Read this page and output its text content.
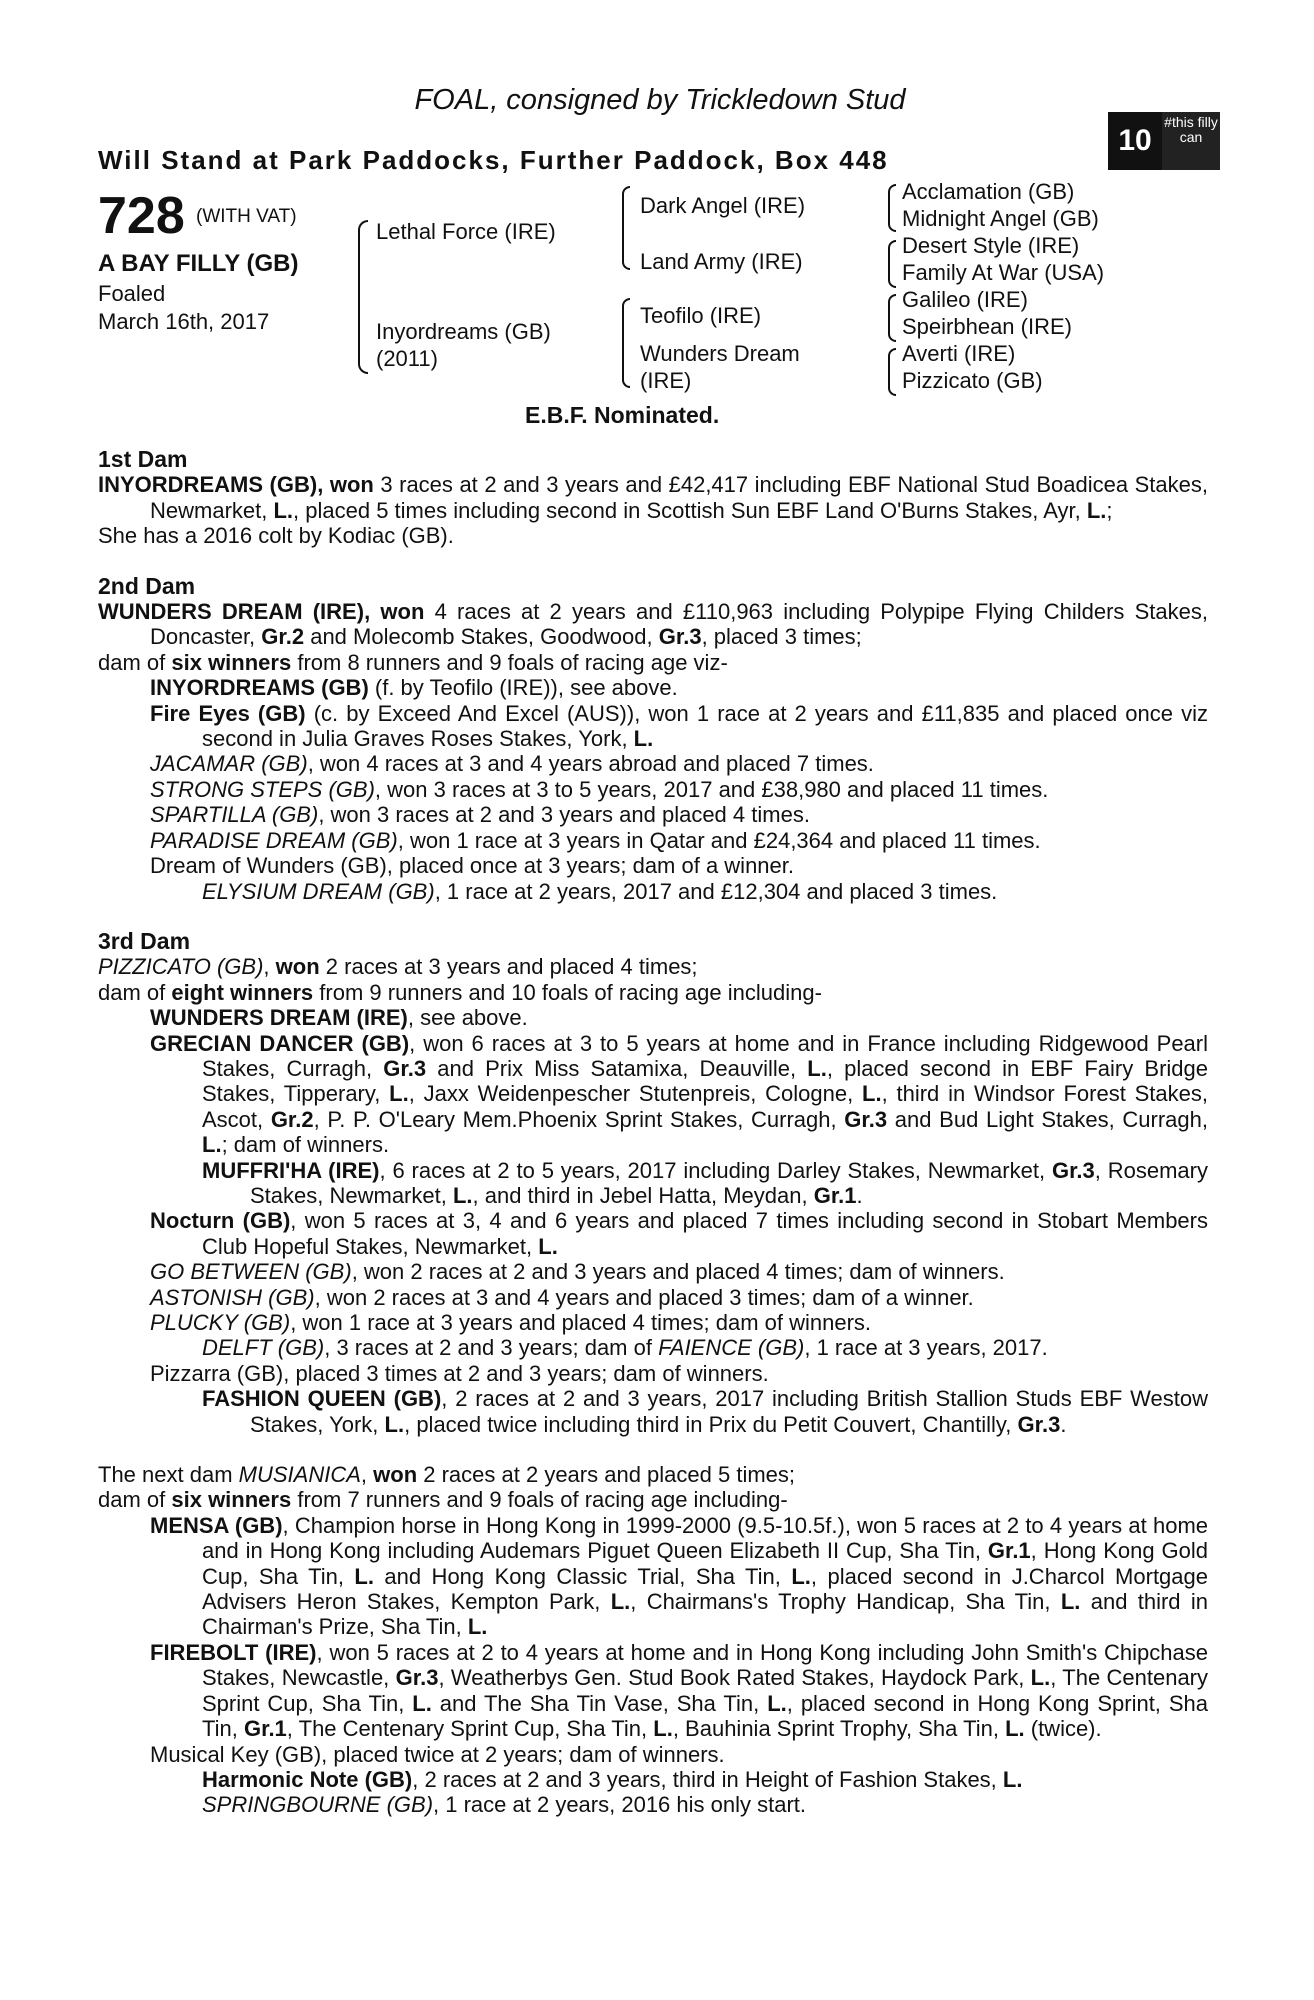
FOAL, consigned by Trickledown Stud
Will Stand at Park Paddocks, Further Paddock, Box 448
10
#this filly can
728 (WITH VAT)
A BAY FILLY (GB)
Foaled
March 16th, 2017
Lethal Force (IRE)
Inyordreams (GB)
(2011)
Dark Angel (IRE)
Land Army (IRE)
Teofilo (IRE)
Wunders Dream
(IRE)
Acclamation (GB)
Midnight Angel (GB)
Desert Style (IRE)
Family At War (USA)
Galileo (IRE)
Speirbhean (IRE)
Averti (IRE)
Pizzicato (GB)
E.B.F. Nominated.

1st Dam

INYORDREAMS (GB), won 3 races at 2 and 3 years and £42,417 including EBF National Stud Boadicea Stakes, Newmarket, L., placed 5 times including second in Scottish Sun EBF Land O'Burns Stakes, Ayr, L.;

She has a 2016 colt by Kodiac (GB).

2nd Dam

WUNDERS DREAM (IRE), won 4 races at 2 years and £110,963 including Polypipe Flying Childers Stakes, Doncaster, Gr.2 and Molecomb Stakes, Goodwood, Gr.3, placed 3 times;

dam of six winners from 8 runners and 9 foals of racing age viz-

INYORDREAMS (GB) (f. by Teofilo (IRE)), see above.

Fire Eyes (GB) (c. by Exceed And Excel (AUS)), won 1 race at 2 years and £11,835 and placed once viz second in Julia Graves Roses Stakes, York, L.

JACAMAR (GB), won 4 races at 3 and 4 years abroad and placed 7 times.

STRONG STEPS (GB), won 3 races at 3 to 5 years, 2017 and £38,980 and placed 11 times.

SPARTILLA (GB), won 3 races at 2 and 3 years and placed 4 times.

PARADISE DREAM (GB), won 1 race at 3 years in Qatar and £24,364 and placed 11 times.

Dream of Wunders (GB), placed once at 3 years; dam of a winner.

ELYSIUM DREAM (GB), 1 race at 2 years, 2017 and £12,304 and placed 3 times.

3rd Dam

PIZZICATO (GB), won 2 races at 3 years and placed 4 times;

dam of eight winners from 9 runners and 10 foals of racing age including-

WUNDERS DREAM (IRE), see above.

GRECIAN DANCER (GB), won 6 races at 3 to 5 years at home and in France including Ridgewood Pearl Stakes, Curragh, Gr.3 and Prix Miss Satamixa, Deauville, L., placed second in EBF Fairy Bridge Stakes, Tipperary, L., Jaxx Weidenpescher Stutenpreis, Cologne, L., third in Windsor Forest Stakes, Ascot, Gr.2, P. P. O'Leary Mem.Phoenix Sprint Stakes, Curragh, Gr.3 and Bud Light Stakes, Curragh, L.; dam of winners.

MUFFRI'HA (IRE), 6 races at 2 to 5 years, 2017 including Darley Stakes, Newmarket, Gr.3, Rosemary Stakes, Newmarket, L., and third in Jebel Hatta, Meydan, Gr.1.

Nocturn (GB), won 5 races at 3, 4 and 6 years and placed 7 times including second in Stobart Members Club Hopeful Stakes, Newmarket, L.

GO BETWEEN (GB), won 2 races at 2 and 3 years and placed 4 times; dam of winners.

ASTONISH (GB), won 2 races at 3 and 4 years and placed 3 times; dam of a winner.

PLUCKY (GB), won 1 race at 3 years and placed 4 times; dam of winners.

DELFT (GB), 3 races at 2 and 3 years; dam of FAIENCE (GB), 1 race at 3 years, 2017.

Pizzarra (GB), placed 3 times at 2 and 3 years; dam of winners.

FASHION QUEEN (GB), 2 races at 2 and 3 years, 2017 including British Stallion Studs EBF Westow Stakes, York, L., placed twice including third in Prix du Petit Couvert, Chantilly, Gr.3.

The next dam MUSIANICA, won 2 races at 2 years and placed 5 times;

dam of six winners from 7 runners and 9 foals of racing age including-

MENSA (GB), Champion horse in Hong Kong in 1999-2000 (9.5-10.5f.), won 5 races at 2 to 4 years at home and in Hong Kong including Audemars Piguet Queen Elizabeth II Cup, Sha Tin, Gr.1, Hong Kong Gold Cup, Sha Tin, L. and Hong Kong Classic Trial, Sha Tin, L., placed second in J.Charcol Mortgage Advisers Heron Stakes, Kempton Park, L., Chairmans's Trophy Handicap, Sha Tin, L. and third in Chairman's Prize, Sha Tin, L.

FIREBOLT (IRE), won 5 races at 2 to 4 years at home and in Hong Kong including John Smith's Chipchase Stakes, Newcastle, Gr.3, Weatherbys Gen. Stud Book Rated Stakes, Haydock Park, L., The Centenary Sprint Cup, Sha Tin, L. and The Sha Tin Vase, Sha Tin, L., placed second in Hong Kong Sprint, Sha Tin, Gr.1, The Centenary Sprint Cup, Sha Tin, L., Bauhinia Sprint Trophy, Sha Tin, L. (twice).

Musical Key (GB), placed twice at 2 years; dam of winners.

Harmonic Note (GB), 2 races at 2 and 3 years, third in Height of Fashion Stakes, L.

SPRINGBOURNE (GB), 1 race at 2 years, 2016 his only start.
